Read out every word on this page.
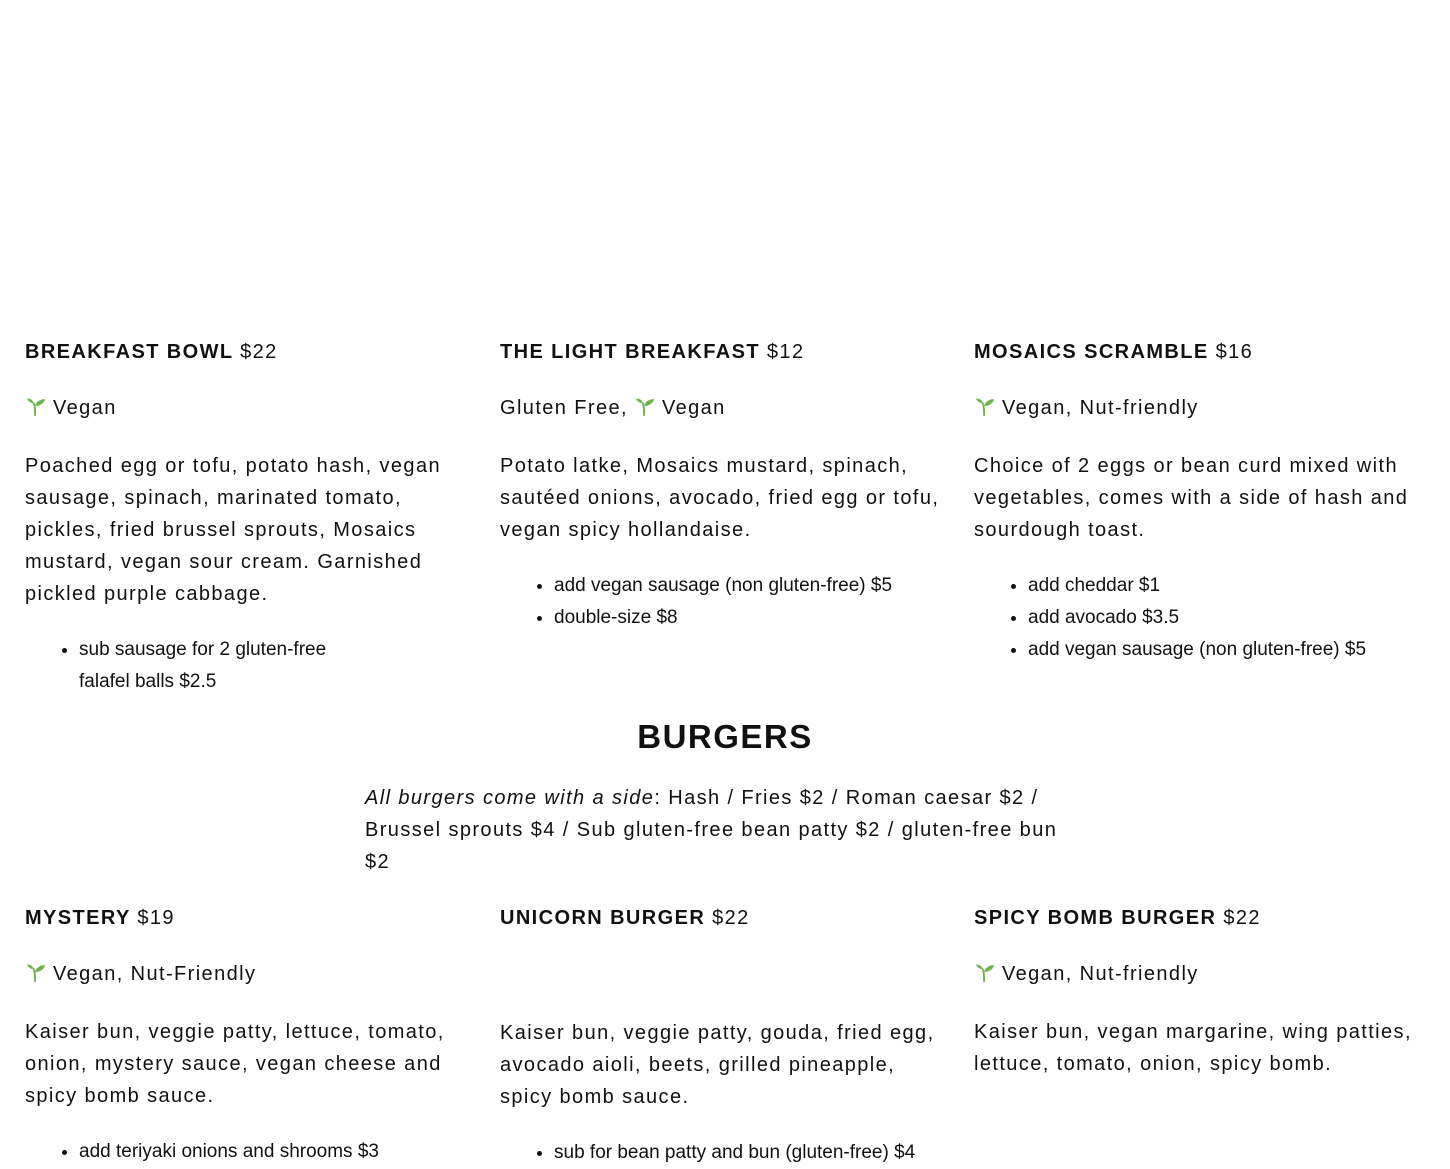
BREAKFAST BOWL $22
Vegan

Poached egg or tofu, potato hash, vegan sausage, spinach, marinated tomato, pickles, fried brussel sprouts, Mosaics mustard, vegan sour cream. Garnished pickled purple cabbage.

• sub sausage for 2 gluten-free falafel balls $2.5
THE LIGHT BREAKFAST $12
Gluten Free, Vegan

Potato latke, Mosaics mustard, spinach, sautéed onions, avocado, fried egg or tofu, vegan spicy hollandaise.

• add vegan sausage (non gluten-free) $5
• double-size $8
MOSAICS SCRAMBLE $16
Vegan, Nut-friendly

Choice of 2 eggs or bean curd mixed with vegetables, comes with a side of hash and sourdough toast.

• add cheddar $1
• add avocado $3.5
• add vegan sausage (non gluten-free) $5
BURGERS

All burgers come with a side: Hash / Fries $2 / Roman caesar $2 / Brussel sprouts $4 / Sub gluten-free bean patty $2 / gluten-free bun $2

MYSTERY $19
Vegan, Nut-Friendly

Kaiser bun, veggie patty, lettuce, tomato, onion, mystery sauce, vegan cheese and spicy bomb sauce.

• add teriyaki onions and shrooms $3
UNICORN BURGER $22

Kaiser bun, veggie patty, gouda, fried egg, avocado aioli, beets, grilled pineapple, spicy bomb sauce.

• sub for bean patty and bun (gluten-free) $4
SPICY BOMB BURGER $22
Vegan, Nut-friendly

Kaiser bun, vegan margarine, wing patties, lettuce, tomato, onion, spicy bomb.
